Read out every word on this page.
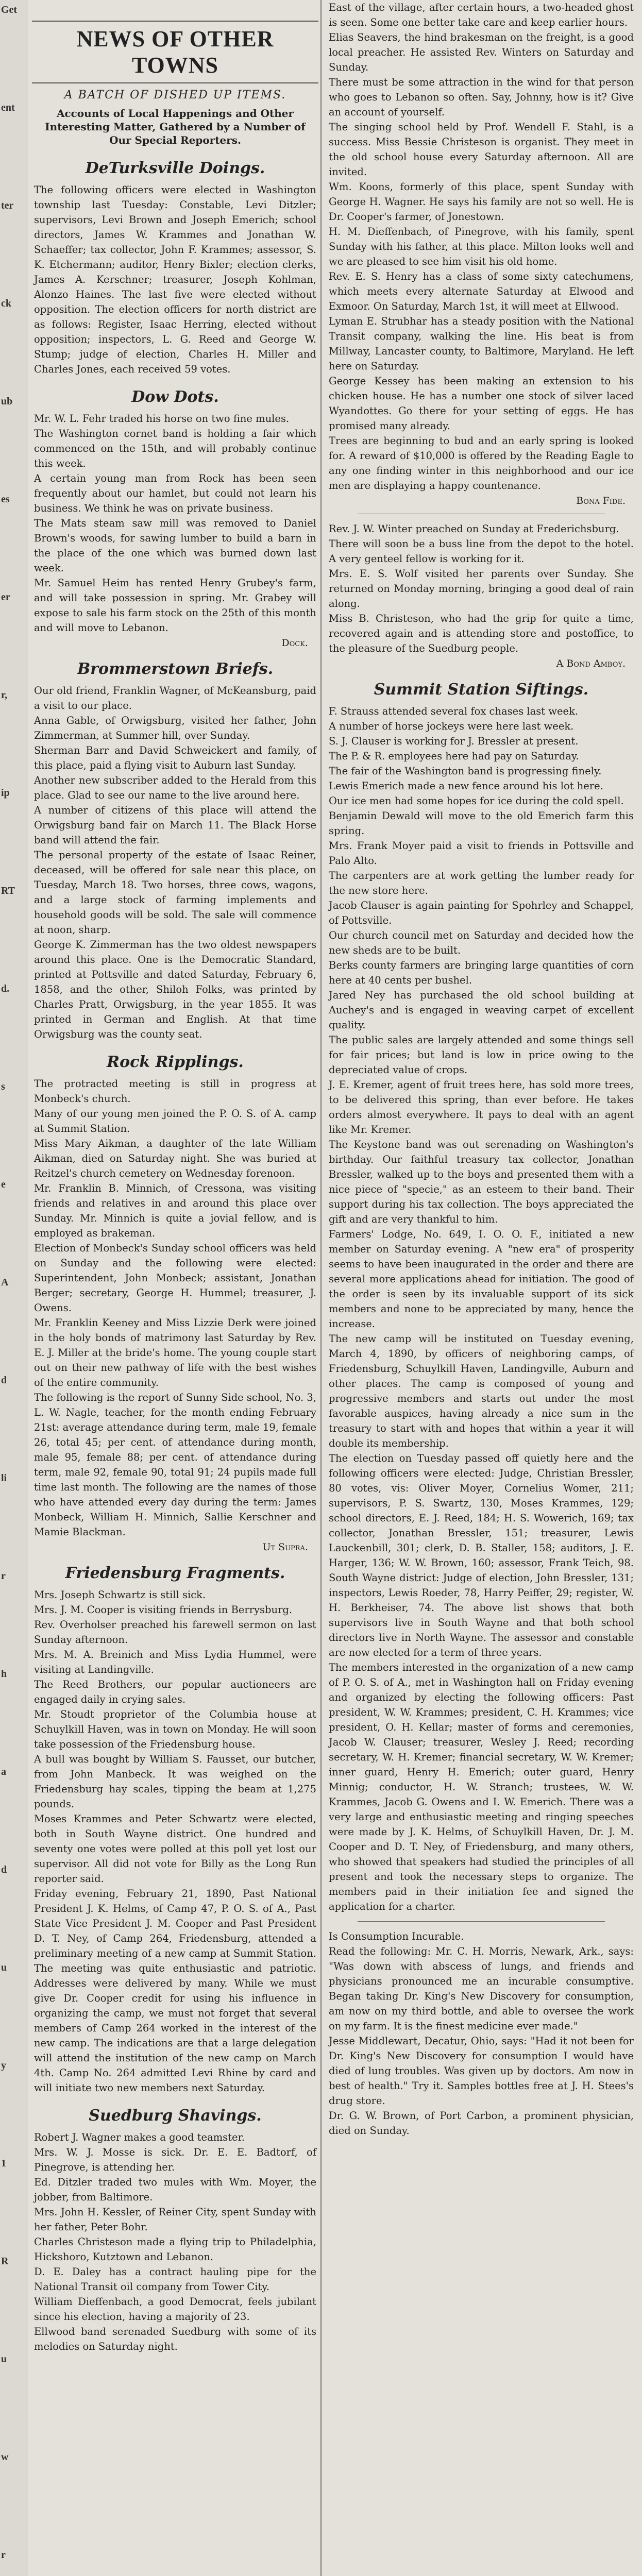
Get
ent
ter
ck
ub
es
er
r,
ip
RT
d.
s
e
A
d
li
r
h
a
d
u
y
1
R
u
w
r
NEWS OF OTHER TOWNS
A BATCH OF DISHED UP ITEMS.
Accounts of Local Happenings and Other Interesting Matter, Gathered by a Number of Our Special Reporters.
DeTurksville Doings.
The following officers were elected in Washington township last Tuesday: Constable, Levi Ditzler; supervisors, Levi Brown and Joseph Emerich; school directors, James W. Krammes and Jonathan W. Schaeffer; tax collector, John F. Krammes; assessor, S. K. Etchermann; auditor, Henry Bixler; election clerks, James A. Kerschner; treasurer, Joseph Kohlman, Alonzo Haines. The last five were elected without opposition. The election officers for north district are as follows: Register, Isaac Herring, elected without opposition; inspectors, L. G. Reed and George W. Stump; judge of election, Charles H. Miller and Charles Jones, each received 59 votes.
Dow Dots.
Mr. W. L. Fehr traded his horse on two fine mules.
The Washington cornet band is holding a fair which commenced on the 15th, and will probably continue this week.
A certain young man from Rock has been seen frequently about our hamlet, but could not learn his business. We think he was on private business.
The Mats steam saw mill was removed to Daniel Brown's woods, for sawing lumber to build a barn in the place of the one which was burned down last week.
Mr. Samuel Heim has rented Henry Grubey's farm, and will take possession in spring. Mr. Grabey will expose to sale his farm stock on the 25th of this month and will move to Lebanon.
Dock.
Brommerstown Briefs.
Our old friend, Franklin Wagner, of McKeansburg, paid a visit to our place.
Anna Gable, of Orwigsburg, visited her father, John Zimmerman, at Summer hill, over Sunday.
Sherman Barr and David Schweickert and family, of this place, paid a flying visit to Auburn last Sunday.
Another new subscriber added to the Herald from this place. Glad to see our name to the live around here.
A number of citizens of this place will attend the Orwigsburg band fair on March 11. The Black Horse band will attend the fair.
The personal property of the estate of Isaac Reiner, deceased, will be offered for sale near this place, on Tuesday, March 18. Two horses, three cows, wagons, and a large stock of farming implements and household goods will be sold. The sale will commence at noon, sharp.
George K. Zimmerman has the two oldest newspapers around this place. One is the Democratic Standard, printed at Pottsville and dated Saturday, February 6, 1858, and the other, Shiloh Folks, was printed by Charles Pratt, Orwigsburg, in the year 1855. It was printed in German and English. At that time Orwigsburg was the county seat.
Rock Ripplings.
The protracted meeting is still in progress at Monbeck's church.
Many of our young men joined the P. O. S. of A. camp at Summit Station.
Miss Mary Aikman, a daughter of the late William Aikman, died on Saturday night. She was buried at Reitzel's church cemetery on Wednesday forenoon.
Mr. Franklin B. Minnich, of Cressona, was visiting friends and relatives in and around this place over Sunday. Mr. Minnich is quite a jovial fellow, and is employed as brakeman.
Election of Monbeck's Sunday school officers was held on Sunday and the following were elected: Superintendent, John Monbeck; assistant, Jonathan Berger; secretary, George H. Hummel; treasurer, J. Owens.
Mr. Franklin Keeney and Miss Lizzie Derk were joined in the holy bonds of matrimony last Saturday by Rev. E. J. Miller at the bride's home. The young couple start out on their new pathway of life with the best wishes of the entire community.
The following is the report of Sunny Side school, No. 3, L. W. Nagle, teacher, for the month ending February 21st: average attendance during term, male 19, female 26, total 45; per cent. of attendance during month, male 95, female 88; per cent. of attendance during term, male 92, female 90, total 91; 24 pupils made full time last month. The following are the names of those who have attended every day during the term: James Monbeck, William H. Minnich, Sallie Kerschner and Mamie Blackman.
Ut Supra.
Friedensburg Fragments.
Mrs. Joseph Schwartz is still sick.
Mrs. J. M. Cooper is visiting friends in Berrysburg.
Rev. Overholser preached his farewell sermon on last Sunday afternoon.
Mrs. M. A. Breinich and Miss Lydia Hummel, were visiting at Landingville.
The Reed Brothers, our popular auctioneers are engaged daily in crying sales.
Mr. Stoudt proprietor of the Columbia house at Schuylkill Haven, was in town on Monday. He will soon take possession of the Friedensburg house.
A bull was bought by William S. Fausset, our butcher, from John Manbeck. It was weighed on the Friedensburg hay scales, tipping the beam at 1,275 pounds.
Moses Krammes and Peter Schwartz were elected, both in South Wayne district. One hundred and seventy one votes were polled at this poll yet lost our supervisor. All did not vote for Billy as the Long Run reporter said.
Friday evening, February 21, 1890, Past National President J. K. Helms, of Camp 47, P. O. S. of A., Past State Vice President J. M. Cooper and Past President D. T. Ney, of Camp 264, Friedensburg, attended a preliminary meeting of a new camp at Summit Station. The meeting was quite enthusiastic and patriotic. Addresses were delivered by many. While we must give Dr. Cooper credit for using his influence in organizing the camp, we must not forget that several members of Camp 264 worked in the interest of the new camp. The indications are that a large delegation will attend the institution of the new camp on March 4th. Camp No. 264 admitted Levi Rhine by card and will initiate two new members next Saturday.
Suedburg Shavings.
Robert J. Wagner makes a good teamster.
Mrs. W. J. Mosse is sick. Dr. E. E. Badtorf, of Pinegrove, is attending her.
Ed. Ditzler traded two mules with Wm. Moyer, the jobber, from Baltimore.
Mrs. John H. Kessler, of Reiner City, spent Sunday with her father, Peter Bohr.
Charles Christeson made a flying trip to Philadelphia, Hickshoro, Kutztown and Lebanon.
D. E. Daley has a contract hauling pipe for the National Transit oil company from Tower City.
William Dieffenbach, a good Democrat, feels jubilant since his election, having a majority of 23.
Ellwood band serenaded Suedburg with some of its melodies on Saturday night.
East of the village, after certain hours, a two-headed ghost is seen. Some one better take care and keep earlier hours.
Elias Seavers, the hind brakesman on the freight, is a good local preacher. He assisted Rev. Winters on Saturday and Sunday.
There must be some attraction in the wind for that person who goes to Lebanon so often. Say, Johnny, how is it? Give an account of yourself.
The singing school held by Prof. Wendell F. Stahl, is a success. Miss Bessie Christeson is organist. They meet in the old school house every Saturday afternoon. All are invited.
Wm. Koons, formerly of this place, spent Sunday with George H. Wagner. He says his family are not so well. He is Dr. Cooper's farmer, of Jonestown.
H. M. Dieffenbach, of Pinegrove, with his family, spent Sunday with his father, at this place. Milton looks well and we are pleased to see him visit his old home.
Rev. E. S. Henry has a class of some sixty catechumens, which meets every alternate Saturday at Elwood and Exmoor. On Saturday, March 1st, it will meet at Ellwood.
Lyman E. Strubhar has a steady position with the National Transit company, walking the line. His beat is from Millway, Lancaster county, to Baltimore, Maryland. He left here on Saturday.
George Kessey has been making an extension to his chicken house. He has a number one stock of silver laced Wyandottes. Go there for your setting of eggs. He has promised many already.
Trees are beginning to bud and an early spring is looked for. A reward of $10,000 is offered by the Reading Eagle to any one finding winter in this neighborhood and our ice men are displaying a happy countenance.
Bona Fide.
Rev. J. W. Winter preached on Sunday at Frederichsburg.
There will soon be a buss line from the depot to the hotel. A very genteel fellow is working for it.
Mrs. E. S. Wolf visited her parents over Sunday. She returned on Monday morning, bringing a good deal of rain along.
Miss B. Christeson, who had the grip for quite a time, recovered again and is attending store and postoffice, to the pleasure of the Suedburg people.
A Bond Amboy.
Summit Station Siftings.
F. Strauss attended several fox chases last week.
A number of horse jockeys were here last week.
S. J. Clauser is working for J. Bressler at present.
The P. & R. employees here had pay on Saturday.
The fair of the Washington band is progressing finely.
Lewis Emerich made a new fence around his lot here.
Our ice men had some hopes for ice during the cold spell.
Benjamin Dewald will move to the old Emerich farm this spring.
Mrs. Frank Moyer paid a visit to friends in Pottsville and Palo Alto.
The carpenters are at work getting the lumber ready for the new store here.
Jacob Clauser is again painting for Spohrley and Schappel, of Pottsville.
Our church council met on Saturday and decided how the new sheds are to be built.
Berks county farmers are bringing large quantities of corn here at 40 cents per bushel.
Jared Ney has purchased the old school building at Auchey's and is engaged in weaving carpet of excellent quality.
The public sales are largely attended and some things sell for fair prices; but land is low in price owing to the depreciated value of crops.
J. E. Kremer, agent of fruit trees here, has sold more trees, to be delivered this spring, than ever before. He takes orders almost everywhere. It pays to deal with an agent like Mr. Kremer.
The Keystone band was out serenading on Washington's birthday. Our faithful treasury tax collector, Jonathan Bressler, walked up to the boys and presented them with a nice piece of "specie," as an esteem to their band. Their support during his tax collection. The boys appreciated the gift and are very thankful to him.
Farmers' Lodge, No. 649, I. O. O. F., initiated a new member on Saturday evening. A "new era" of prosperity seems to have been inaugurated in the order and there are several more applications ahead for initiation. The good of the order is seen by its invaluable support of its sick members and none to be appreciated by many, hence the increase.
The new camp will be instituted on Tuesday evening, March 4, 1890, by officers of neighboring camps, of Friedensburg, Schuylkill Haven, Landingville, Auburn and other places. The camp is composed of young and progressive members and starts out under the most favorable auspices, having already a nice sum in the treasury to start with and hopes that within a year it will double its membership.
The election on Tuesday passed off quietly here and the following officers were elected: Judge, Christian Bressler, 80 votes, vis: Oliver Moyer, Cornelius Womer, 211; supervisors, P. S. Swartz, 130, Moses Krammes, 129; school directors, E. J. Reed, 184; H. S. Wowerich, 169; tax collector, Jonathan Bressler, 151; treasurer, Lewis Lauckenbill, 301; clerk, D. B. Staller, 158; auditors, J. E. Harger, 136; W. W. Brown, 160; assessor, Frank Teich, 98. South Wayne district: Judge of election, John Bressler, 131; inspectors, Lewis Roeder, 78, Harry Peiffer, 29; register, W. H. Berkheiser, 74. The above list shows that both supervisors live in South Wayne and that both school directors live in North Wayne. The assessor and constable are now elected for a term of three years.
The members interested in the organization of a new camp of P. O. S. of A., met in Washington hall on Friday evening and organized by electing the following officers: Past president, W. W. Krammes; president, C. H. Krammes; vice president, O. H. Kellar; master of forms and ceremonies, Jacob W. Clauser; treasurer, Wesley J. Reed; recording secretary, W. H. Kremer; financial secretary, W. W. Kremer; inner guard, Henry H. Emerich; outer guard, Henry Minnig; conductor, H. W. Stranch; trustees, W. W. Krammes, Jacob G. Owens and I. W. Emerich. There was a very large and enthusiastic meeting and ringing speeches were made by J. K. Helms, of Schuylkill Haven, Dr. J. M. Cooper and D. T. Ney, of Friedensburg, and many others, who showed that speakers had studied the principles of all present and took the necessary steps to organize. The members paid in their initiation fee and signed the application for a charter.
Is Consumption Incurable.
Read the following: Mr. C. H. Morris, Newark, Ark., says: "Was down with abscess of lungs, and friends and physicians pronounced me an incurable consumptive. Began taking Dr. King's New Discovery for consumption, am now on my third bottle, and able to oversee the work on my farm. It is the finest medicine ever made."
Jesse Middlewart, Decatur, Ohio, says: "Had it not been for Dr. King's New Discovery for consumption I would have died of lung troubles. Was given up by doctors. Am now in best of health." Try it. Samples bottles free at J. H. Stees's drug store.
Dr. G. W. Brown, of Port Carbon, a prominent physician, died on Sunday.
